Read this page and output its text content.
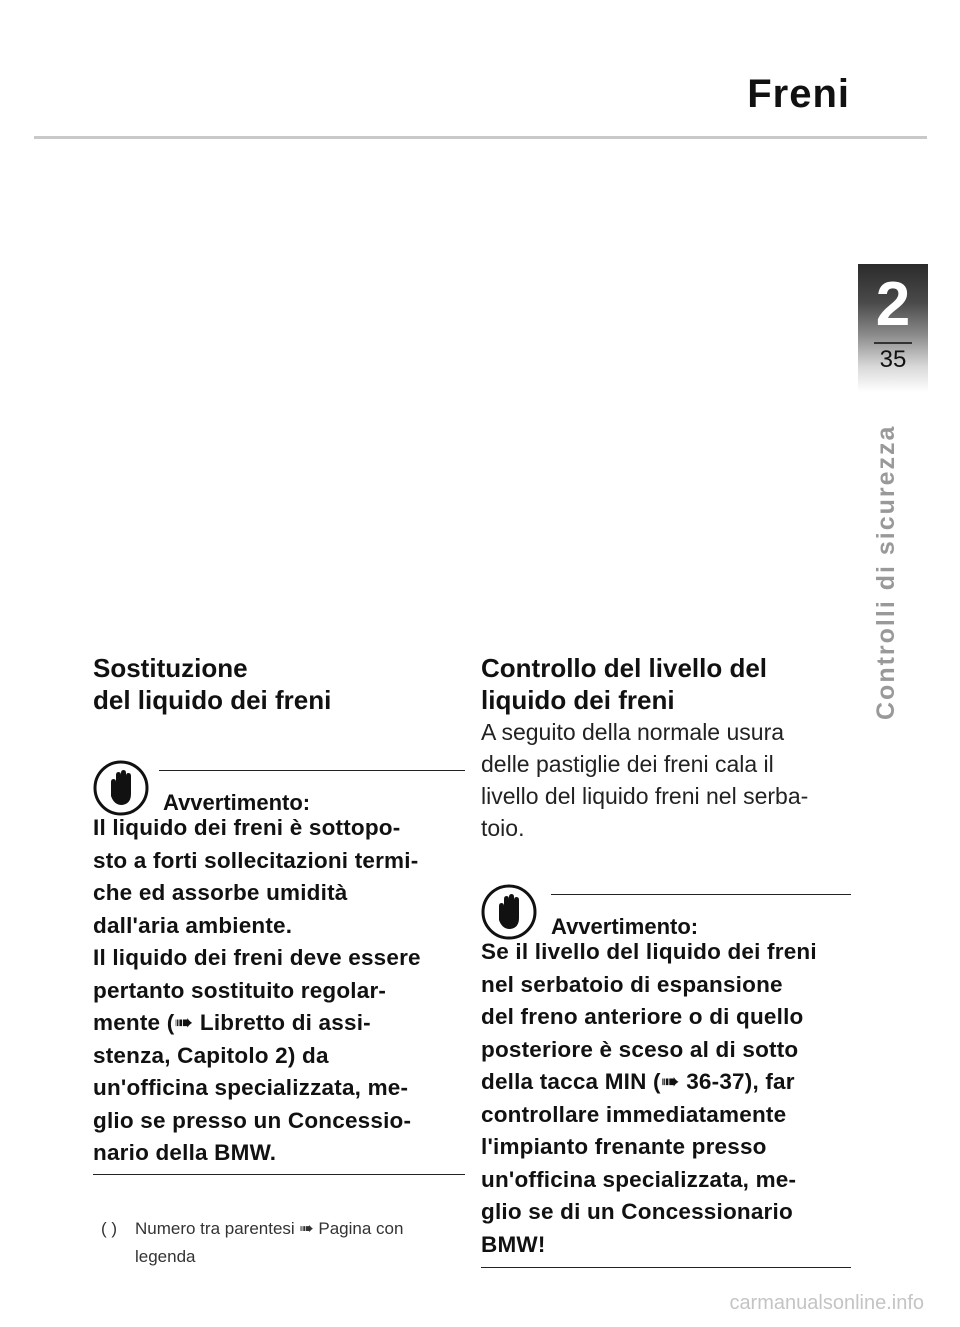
Freni
2
35
Controlli di sicurezza
Sostituzione
del liquido dei freni
Avvertimento:

Il liquido dei freni è sottopo-
sto a forti sollecitazioni termi-
che ed assorbe umidità
dall'aria ambiente.
Il liquido dei freni deve essere
pertanto sostituito regolar-
mente (➠ Libretto di assi-
stenza, Capitolo 2) da
un'officina specializzata, me-
glio se presso un Concessio-
nario della BMW.

( ) Numero tra parentesi ➠ Pagina con
legenda
Controllo del livello del
liquido dei freni

A seguito della normale usura
delle pastiglie dei freni cala il
livello del liquido freni nel serba-
toio.

Avvertimento:

Se il livello del liquido dei freni
nel serbatoio di espansione
del freno anteriore o di quello
posteriore è sceso al di sotto
della tacca MIN (➠ 36-37), far
controllare immediatamente
l'impianto frenante presso
un'officina specializzata, me-
glio se di un Concessionario
BMW!

carmanualsonline.info
